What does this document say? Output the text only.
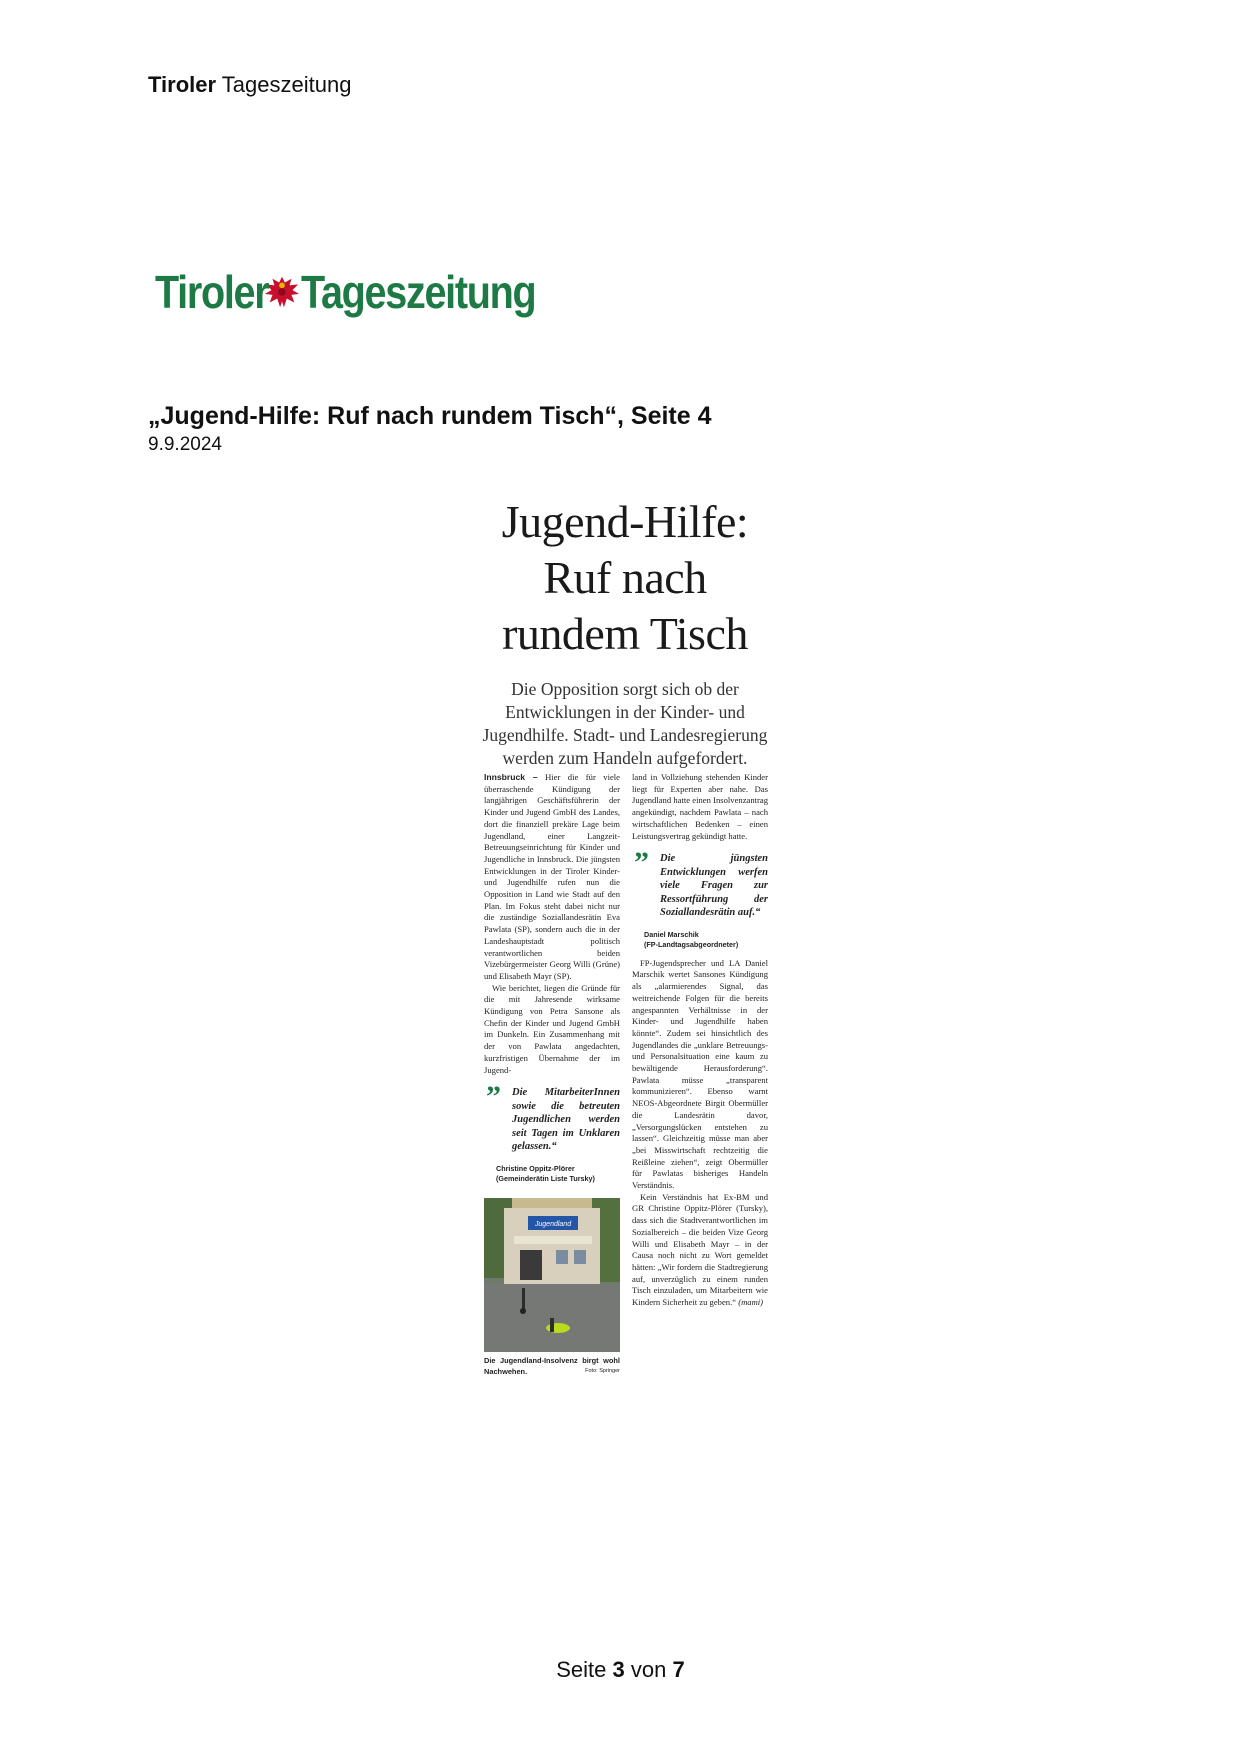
Tiroler Tageszeitung
Tiroler Tageszeitung
„Jugend-Hilfe: Ruf nach rundem Tisch“, Seite 4
9.9.2024
Jugend-Hilfe:
Ruf nach
rundem Tisch
Die Opposition sorgt sich ob der
Entwicklungen in der Kinder- und
Jugendhilfe. Stadt- und Landesregierung
werden zum Handeln aufgefordert.

Innsbruck – Hier die für viele überraschende Kündigung der langjährigen Geschäftsführerin der Kinder und Jugend GmbH des Landes, dort die finanziell prekäre Lage beim Jugendland, einer Langzeit-Betreuungseinrichtung für Kinder und Jugendliche in Innsbruck. Die jüngsten Entwicklungen in der Tiroler Kinder- und Jugendhilfe rufen nun die Opposition in Land wie Stadt auf den Plan. Im Fokus steht dabei nicht nur die zuständige Soziallandesrätin Eva Pawlata (SP), sondern auch die in der Landeshauptstadt politisch verantwortlichen beiden Vizebürgermeister Georg Willi (Grüne) und Elisabeth Mayr (SP).

Wie berichtet, liegen die Gründe für die mit Jahresende wirksame Kündigung von Petra Sansone als Chefin der Kinder und Jugend GmbH im Dunkeln. Ein Zusammenhang mit der von Pawlata angedachten, kurzfristigen Übernahme der im Jugend-

” Die MitarbeiterInnen sowie die betreuten Jugendlichen werden seit Tagen im Unklaren gelassen.“
Christine Oppitz-Plörer
(Gemeinderätin Liste Tursky)
Jugendland
Die Jugendland-Insolvenz birgt wohl Nachwehen.	Foto: Springer

land in Vollziehung stehenden Kinder liegt für Experten aber nahe. Das Jugendland hatte einen Insolvenzantrag angekündigt, nachdem Pawlata – nach wirtschaftlichen Bedenken – einen Leistungsvertrag gekündigt hatte.

” Die jüngsten Entwicklungen werfen viele Fragen zur Ressortführung der Soziallandesrätin auf.“
Daniel Marschik
(FP-Landtagsabgeordneter)

FP-Jugendsprecher und LA Daniel Marschik wertet Sansones Kündigung als „alarmierendes Signal, das weitreichende Folgen für die bereits angespannten Verhältnisse in der Kinder- und Jugendhilfe haben könnte“. Zudem sei hinsichtlich des Jugendlandes die „unklare Betreuungs- und Personalsituation eine kaum zu bewältigende Herausforderung“. Pawlata müsse „transparent kommunizieren“. Ebenso warnt NEOS-Abgeordnete Birgit Obermüller die Landesrätin davor, „Versorgungslücken entstehen zu lassen“. Gleichzeitig müsse man aber „bei Misswirtschaft rechtzeitig die Reißleine ziehen“, zeigt Obermüller für Pawlatas bisheriges Handeln Verständnis.

Kein Verständnis hat Ex-BM und GR Christine Oppitz-Plörer (Tursky), dass sich die Stadtverantwortlichen im Sozialbereich – die beiden Vize Georg Willi und Elisabeth Mayr – in der Causa noch nicht zu Wort gemeldet hätten: „Wir fordern die Stadtregierung auf, unverzüglich zu einem runden Tisch einzuladen, um Mitarbeitern wie Kindern Sicherheit zu geben.“ (mami)

Seite 3 von 7
